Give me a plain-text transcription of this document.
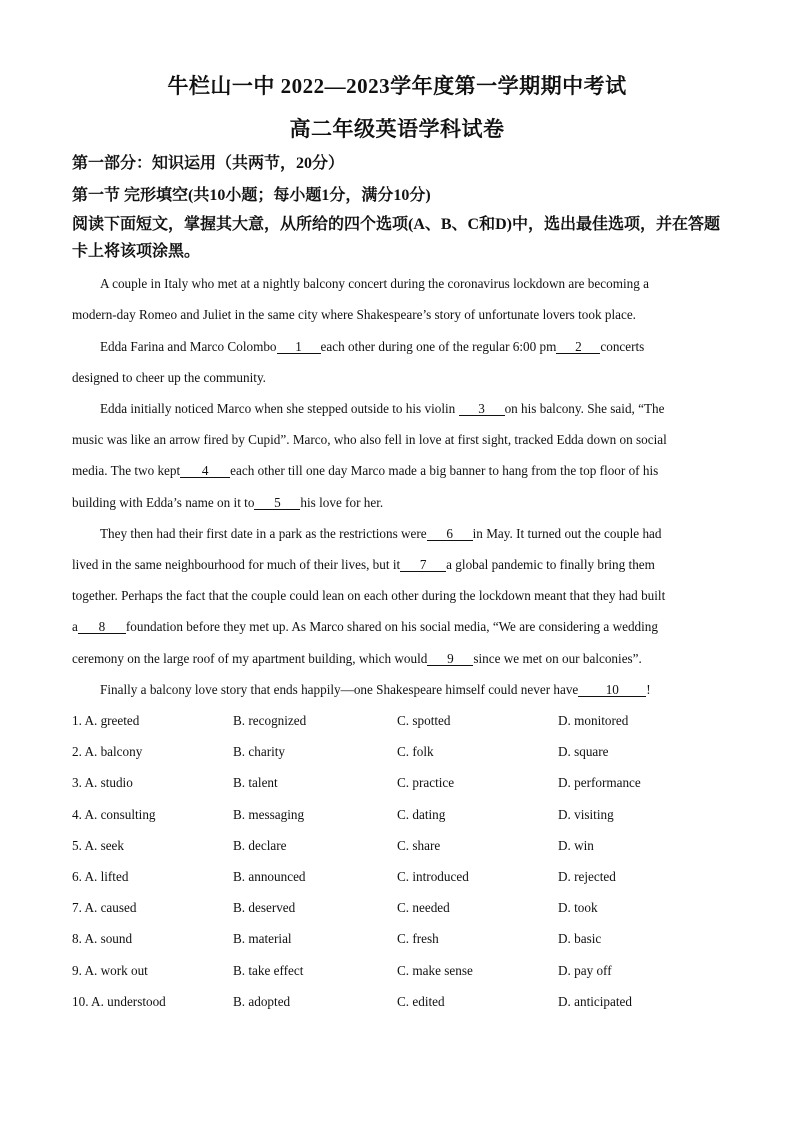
牛栏山一中 2022—2023学年度第一学期期中考试
高二年级英语学科试卷
第一部分：知识运用（共两节，20分）
第一节 完形填空(共10小题；每小题1分，满分10分)
阅读下面短文，掌握其大意，从所给的四个选项(A、B、C和D)中，选出最佳选项，并在答题卡上将该项涂黑。
A couple in Italy who met at a nightly balcony concert during the coronavirus lockdown are becoming a
modern-day Romeo and Juliet in the same city where Shakespeare’s story of unfortunate lovers took place.
Edda Farina and Marco Colombo 1 each other during one of the regular 6:00 pm 2 concerts
designed to cheer up the community.
Edda initially noticed Marco when she stepped outside to his violin 3 on his balcony. She said, “The
music was like an arrow fired by Cupid”. Marco, who also fell in love at first sight, tracked Edda down on social
media. The two kept 4 each other till one day Marco made a big banner to hang from the top floor of his
building with Edda’s name on it to 5 his love for her.
They then had their first date in a park as the restrictions were 6 in May. It turned out the couple had
lived in the same neighbourhood for much of their lives, but it 7 a global pandemic to finally bring them
together. Perhaps the fact that the couple could lean on each other during the lockdown meant that they had built
a 8 foundation before they met up. As Marco shared on his social media, “We are considering a wedding
ceremony on the large roof of my apartment building, which would 9 since we met on our balconies”.
Finally a balcony love story that ends happily—one Shakespeare himself could never have 10 !
1. A. greeted	B. recognized	C. spotted	D. monitored
2. A. balcony	B. charity	C. folk	D. square
3. A. studio	B. talent	C. practice	D. performance
4. A. consulting	B. messaging	C. dating	D. visiting
5. A. seek	B. declare	C. share	D. win
6. A. lifted	B. announced	C. introduced	D. rejected
7. A. caused	B. deserved	C. needed	D. took
8. A. sound	B. material	C. fresh	D. basic
9. A. work out	B. take effect	C. make sense	D. pay off
10. A. understood	B. adopted	C. edited	D. anticipated
